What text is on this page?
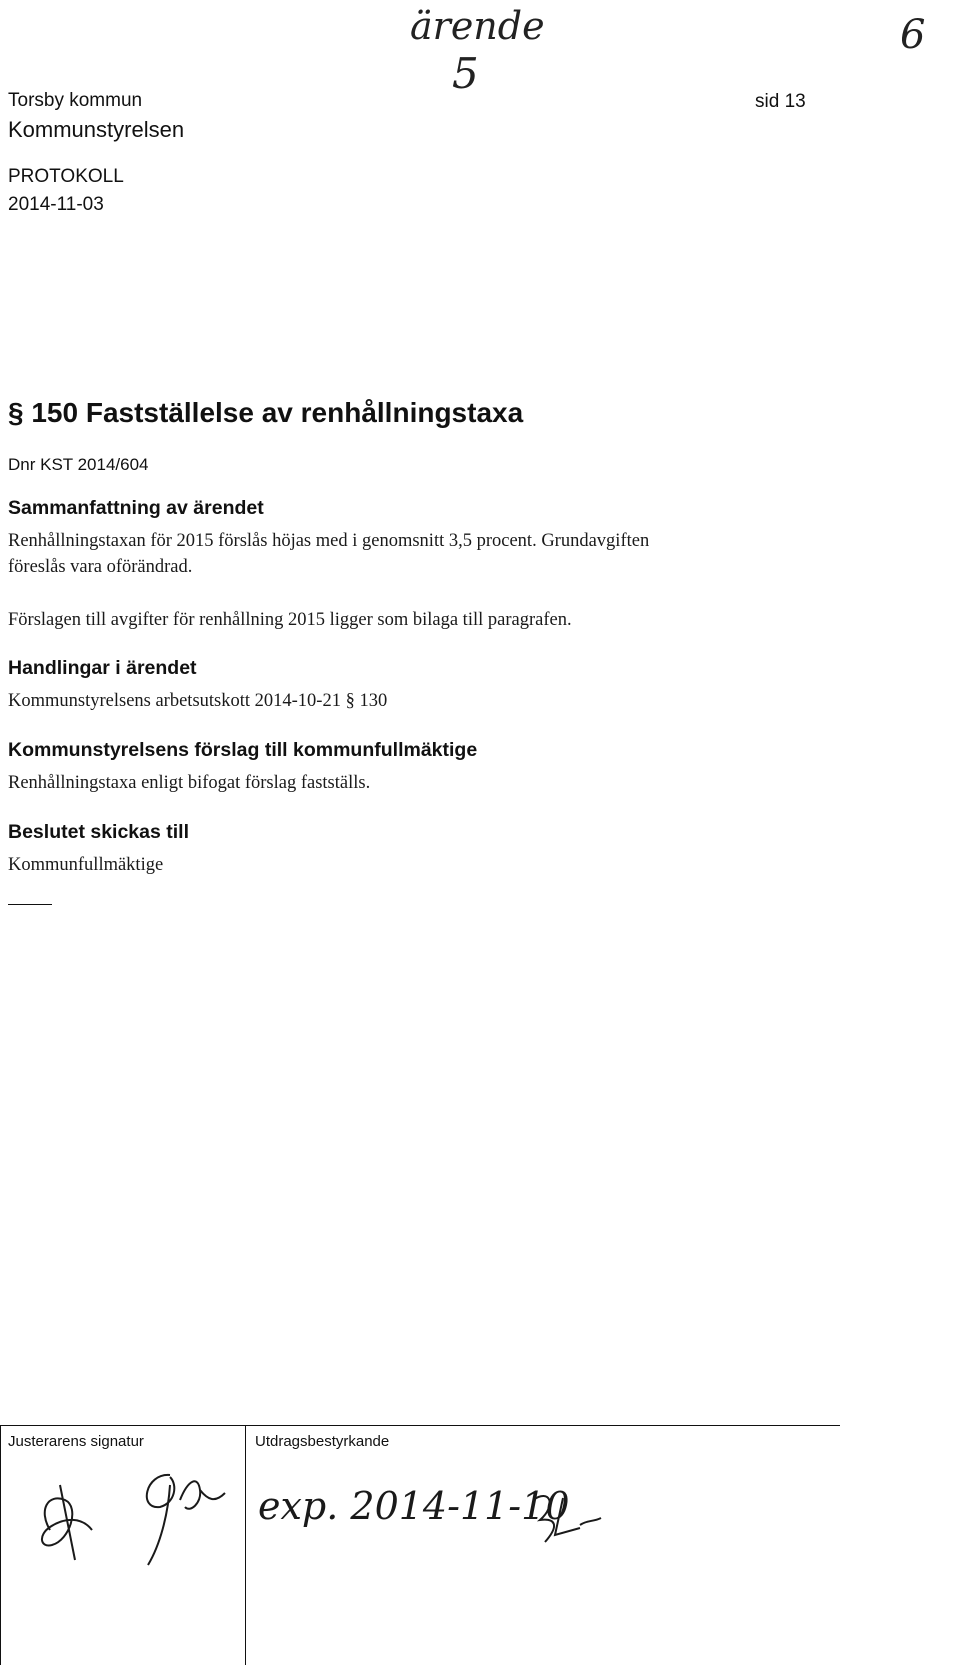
ärende
5
6
Torsby kommun
Kommunstyrelsen
PROTOKOLL
2014-11-03
sid 13
§ 150 Fastställelse av renhållningstaxa
Dnr KST 2014/604
Sammanfattning av ärendet
Renhållningstaxan för 2015 förslås höjas med i genomsnitt 3,5 procent. Grundavgiften
föreslås vara oförändrad.
Förslagen till avgifter för renhållning 2015 ligger som bilaga till paragrafen.
Handlingar i ärendet
Kommunstyrelsens arbetsutskott 2014-10-21 § 130
Kommunstyrelsens förslag till kommunfullmäktige
Renhållningstaxa enligt bifogat förslag fastställs.
Beslutet skickas till
Kommunfullmäktige
Justerarens signatur	Utdragsbestyrkande
exp. 2014-11-10
